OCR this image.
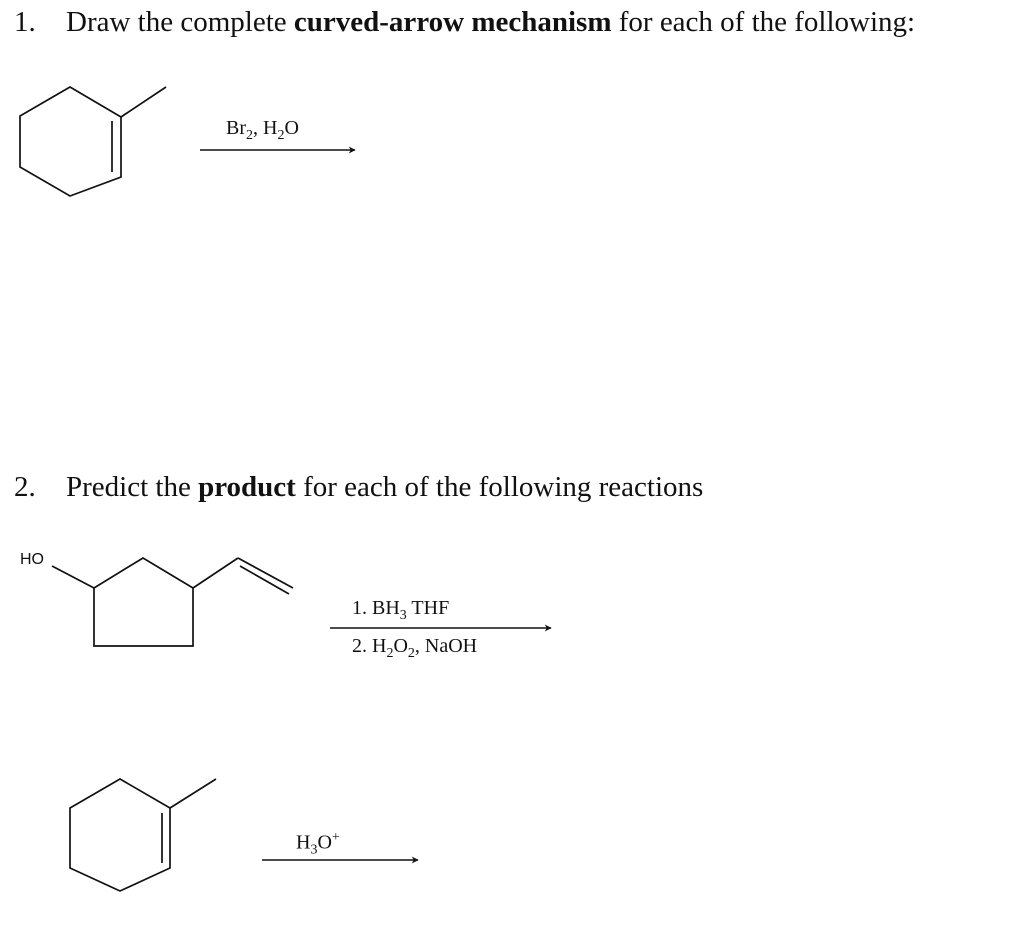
1. Draw the complete curved-arrow mechanism for each of the following:
2. Predict the product for each of the following reactions
$Br_2$, $H_2O$
1. $BH_3$ THF
2. $H_2O_2$, NaOH
$H_3O^+$
HO
